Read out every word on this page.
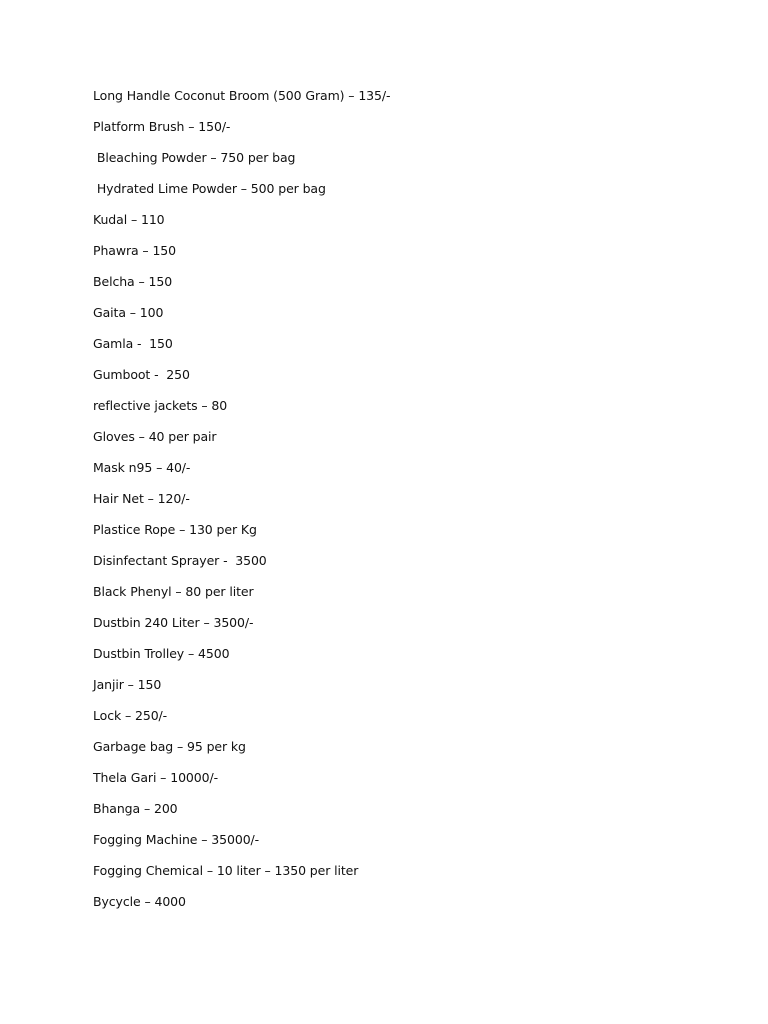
Long Handle Coconut Broom (500 Gram) – 135/-
Platform Brush – 150/-
Bleaching Powder – 750 per bag
Hydrated Lime Powder – 500 per bag
Kudal – 110
Phawra – 150
Belcha – 150
Gaita – 100
Gamla -  150
Gumboot -  250
reflective jackets – 80
Gloves – 40 per pair
Mask n95 – 40/-
Hair Net – 120/-
Plastice Rope – 130 per Kg
Disinfectant Sprayer -  3500
Black Phenyl – 80 per liter
Dustbin 240 Liter – 3500/-
Dustbin Trolley – 4500
Janjir – 150
Lock – 250/-
Garbage bag – 95 per kg
Thela Gari – 10000/-
Bhanga – 200
Fogging Machine – 35000/-
Fogging Chemical – 10 liter – 1350 per liter
Bycycle – 4000
